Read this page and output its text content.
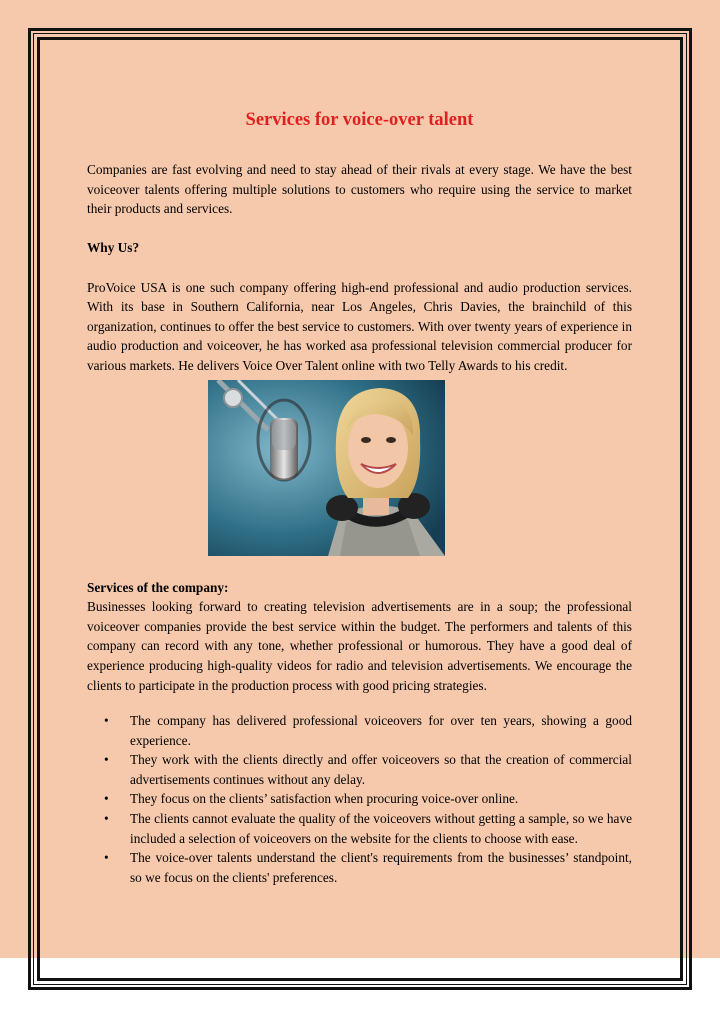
Services for voice-over talent

Companies are fast evolving and need to stay ahead of their rivals at every stage. We have the best voiceover talents offering multiple solutions to customers who require using the service to market their products and services.

Why Us?

ProVoice USA is one such company offering high-end professional and audio production services. With its base in Southern California, near Los Angeles, Chris Davies, the brainchild of this organization, continues to offer the best service to customers. With over twenty years of experience in audio production and voiceover, he has worked asa professional television commercial producer for various markets. He delivers Voice Over Talent online with two Telly Awards to his credit.

Services of the company:

Businesses looking forward to creating television advertisements are in a soup; the professional voiceover companies provide the best service within the budget. The performers and talents of this company can record with any tone, whether professional or humorous. They have a good deal of experience producing high-quality videos for radio and television advertisements. We encourage the clients to participate in the production process with good pricing strategies.

• The company has delivered professional voiceovers for over ten years, showing a good experience.
• They work with the clients directly and offer voiceovers so that the creation of commercial advertisements continues without any delay.
• They focus on the clients’ satisfaction when procuring voice-over online.
• The clients cannot evaluate the quality of the voiceovers without getting a sample, so we have included a selection of voiceovers on the website for the clients to choose with ease.
• The voice-over talents understand the client's requirements from the businesses’ standpoint, so we focus on the clients' preferences.
